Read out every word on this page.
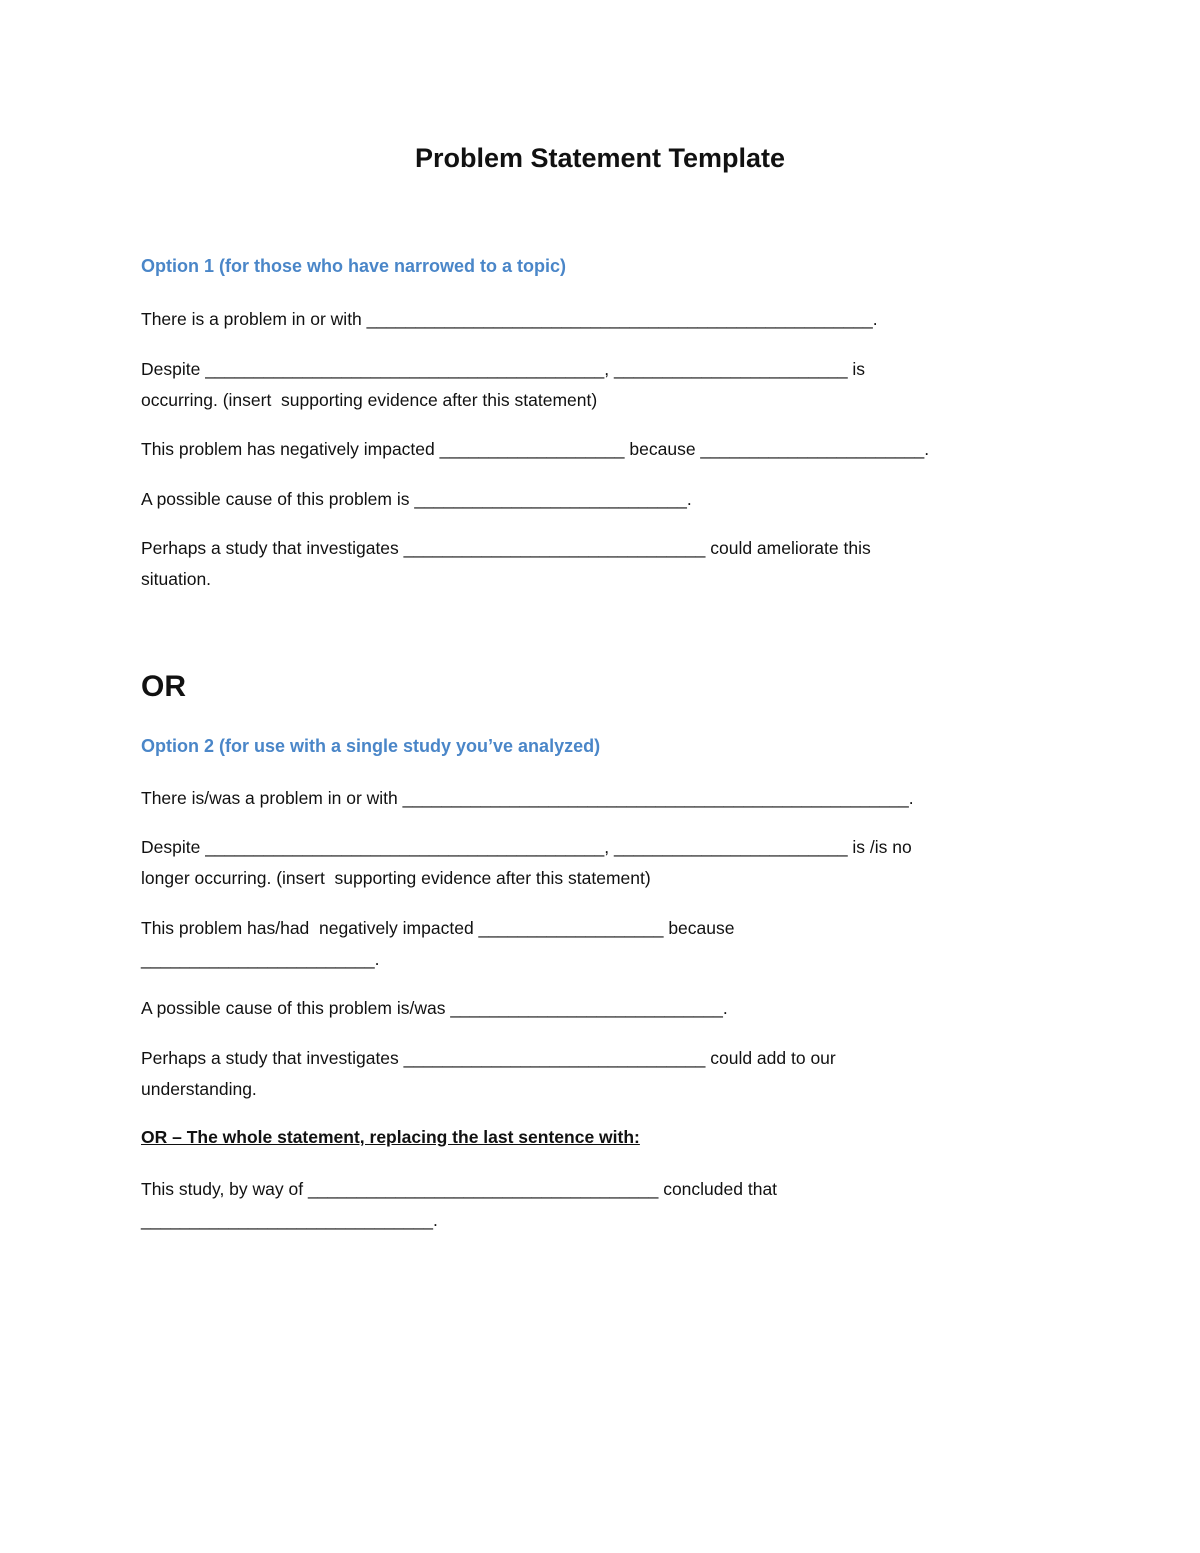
Problem Statement Template
Option 1 (for those who have narrowed to a topic)
There is a problem in or with ____________________________________________________.
Despite _________________________________________, ________________________ is
occurring. (insert  supporting evidence after this statement)
This problem has negatively impacted ___________________ because _______________________.
A possible cause of this problem is ____________________________.
Perhaps a study that investigates _______________________________ could ameliorate this
situation.
OR
Option 2 (for use with a single study you’ve analyzed)
There is/was a problem in or with ____________________________________________________.
Despite _________________________________________, ________________________ is /is no
longer occurring. (insert  supporting evidence after this statement)
This problem has/had  negatively impacted ___________________ because
________________________.
A possible cause of this problem is/was ____________________________.
Perhaps a study that investigates _______________________________ could add to our
understanding.
OR – The whole statement, replacing the last sentence with:
This study, by way of ____________________________________ concluded that
______________________________.
